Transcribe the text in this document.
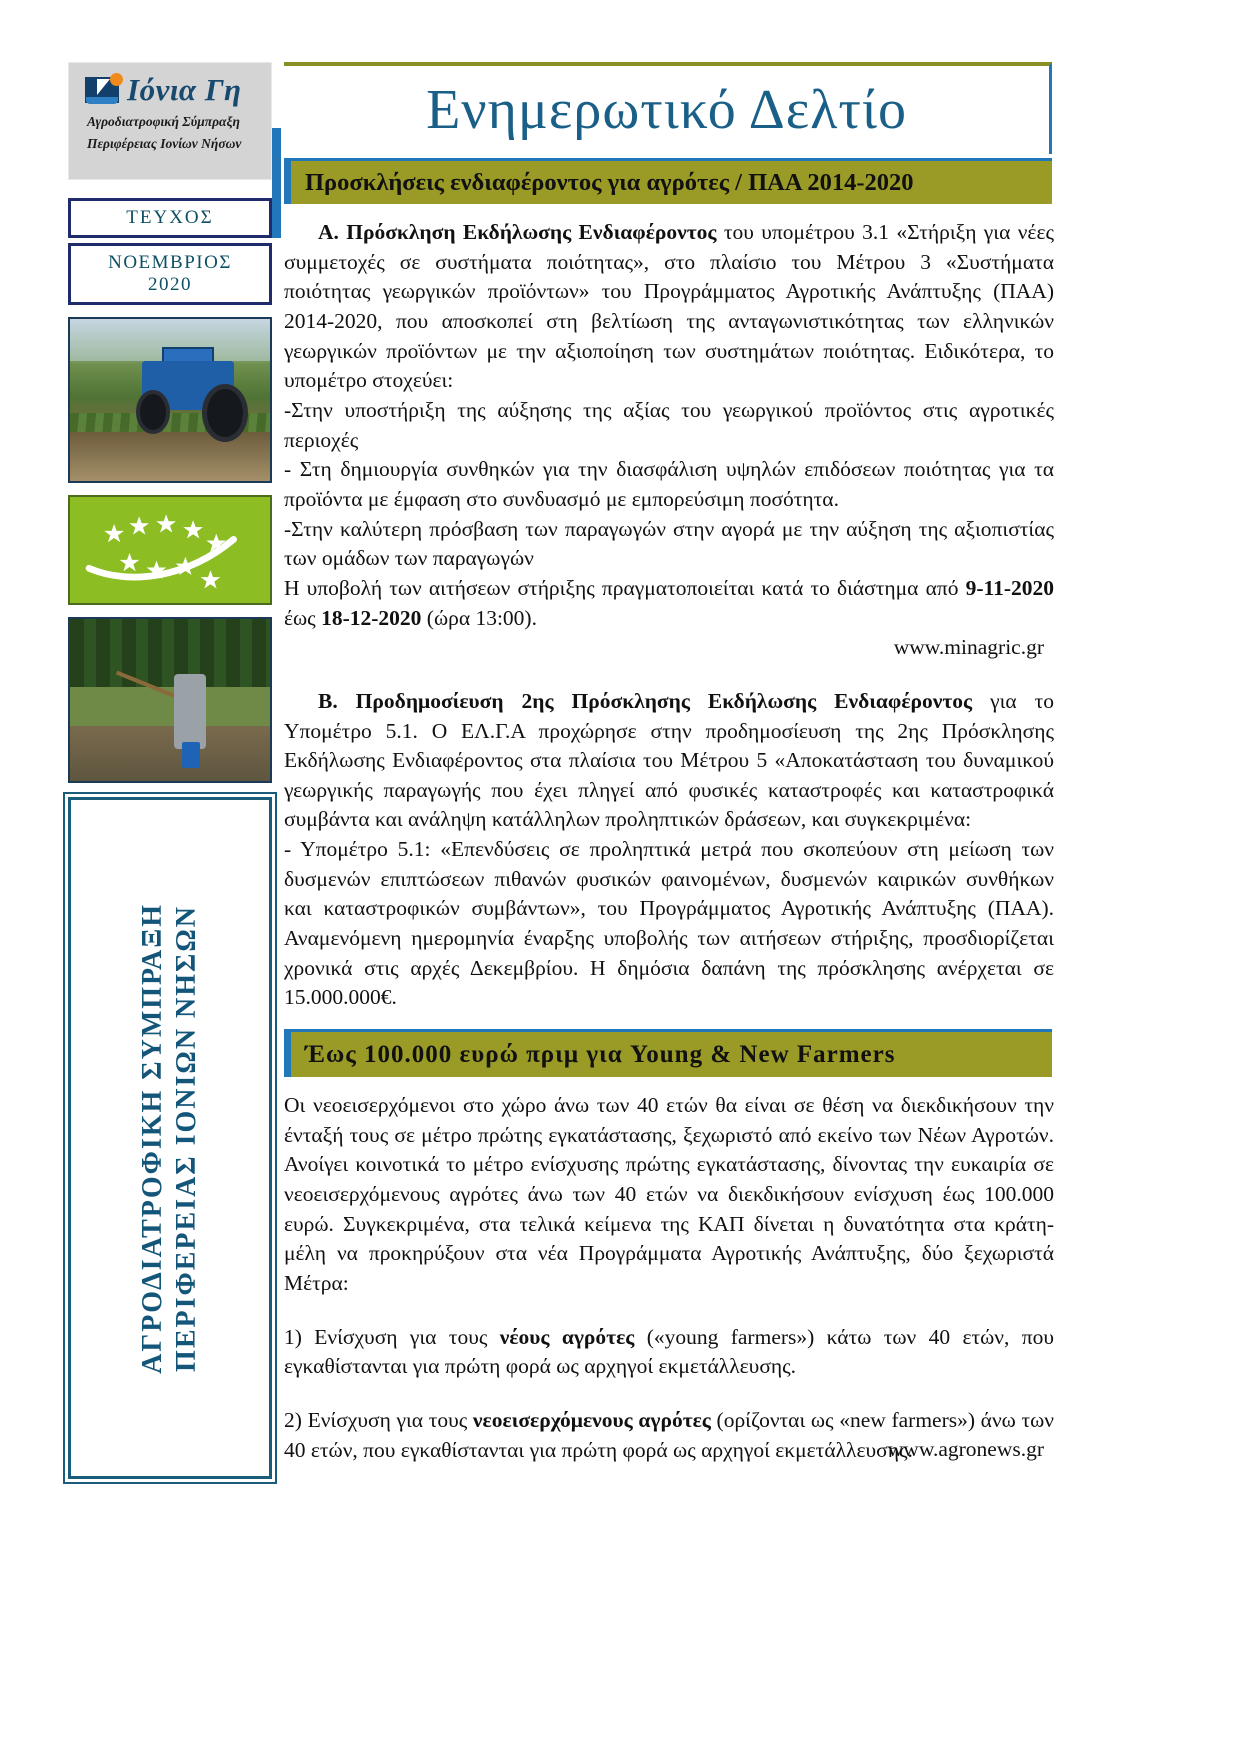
Ιόνια Γη
Αγροδιατροφική Σύμπραξη
Περιφέρειας Ιονίων Νήσων
ΤΕΥΧΟΣ
ΝΟΕΜΒΡΙΟΣ
2020
ΑΓΡΟΔΙΑΤΡΟΦΙΚΗ ΣΥΜΠΡΑΞΗ ΠΕΡΙΦΕΡΕΙΑΣ ΙΟΝΙΩΝ ΝΗΣΩΝ
Ενημερωτικό Δελτίο
Προσκλήσεις ενδιαφέροντος για αγρότες / ΠΑΑ 2014-2020

Α. Πρόσκληση Εκδήλωσης Ενδιαφέροντος του υπομέτρου 3.1 «Στήριξη για νέες συμμετοχές σε συστήματα ποιότητας», στο πλαίσιο του Μέτρου 3 «Συστήματα ποιότητας γεωργικών προϊόντων» του Προγράμματος Αγροτικής Ανάπτυξης (ΠΑΑ) 2014-2020, που αποσκοπεί στη βελτίωση της ανταγωνιστικότητας των ελληνικών γεωργικών προϊόντων με την αξιοποίηση των συστημάτων ποιότητας. Ειδικότερα, το υπομέτρο στοχεύει:

-Στην υποστήριξη της αύξησης της αξίας του γεωργικού προϊόντος στις αγροτικές περιοχές

- Στη δημιουργία συνθηκών για την διασφάλιση υψηλών επιδόσεων ποιότητας για τα προϊόντα με έμφαση στο συνδυασμό με εμπορεύσιμη ποσότητα.

-Στην καλύτερη πρόσβαση των παραγωγών στην αγορά με την αύξηση της αξιοπιστίας των ομάδων των παραγωγών

Η υποβολή των αιτήσεων στήριξης πραγματοποιείται κατά το διάστημα από 9-11-2020 έως 18-12-2020 (ώρα 13:00).

www.minagric.gr

Β. Προδημοσίευση 2ης Πρόσκλησης Εκδήλωσης Ενδιαφέροντος για το Υπομέτρο 5.1. Ο ΕΛ.Γ.Α προχώρησε στην προδημοσίευση της 2ης Πρόσκλησης Εκδήλωσης Ενδιαφέροντος στα πλαίσια του Μέτρου 5 «Αποκατάσταση του δυναμικού γεωργικής παραγωγής που έχει πληγεί από φυσικές καταστροφές και καταστροφικά συμβάντα και ανάληψη κατάλληλων προληπτικών δράσεων, και συγκεκριμένα:

- Υπομέτρο 5.1: «Επενδύσεις σε προληπτικά μετρά που σκοπεύουν στη μείωση των δυσμενών επιπτώσεων πιθανών φυσικών φαινομένων, δυσμενών καιρικών συνθήκων και καταστροφικών συμβάντων», του Προγράμματος Αγροτικής Ανάπτυξης (ΠΑΑ). Αναμενόμενη ημερομηνία έναρξης υποβολής των αιτήσεων στήριξης, προσδιορίζεται χρονικά στις αρχές Δεκεμβρίου. Η δημόσια δαπάνη της πρόσκλησης ανέρχεται σε 15.000.000€.

Έως 100.000 ευρώ πριμ για Young & New Farmers

Οι νεοεισερχόμενοι στο χώρο άνω των 40 ετών θα είναι σε θέση να διεκδικήσουν την ένταξή τους σε μέτρο πρώτης εγκατάστασης, ξεχωριστό από εκείνο των Νέων Αγροτών. Ανοίγει κοινοτικά το μέτρο ενίσχυσης πρώτης εγκατάστασης, δίνοντας την ευκαιρία σε νεοεισερχόμενους αγρότες άνω των 40 ετών να διεκδικήσουν ενίσχυση έως 100.000 ευρώ. Συγκεκριμένα, στα τελικά κείμενα της ΚΑΠ δίνεται η δυνατότητα στα κράτη-μέλη να προκηρύξουν στα νέα Προγράμματα Αγροτικής Ανάπτυξης, δύο ξεχωριστά Μέτρα:

1) Ενίσχυση για τους νέους αγρότες («young farmers») κάτω των 40 ετών, που εγκαθίστανται για πρώτη φορά ως αρχηγοί εκμετάλλευσης.

2) Ενίσχυση για τους νεοεισερχόμενους αγρότες (ορίζονται ως «new farmers») άνω των 40 ετών, που εγκαθίστανται για πρώτη φορά ως αρχηγοί εκμετάλλευσης.

www.agronews.gr
